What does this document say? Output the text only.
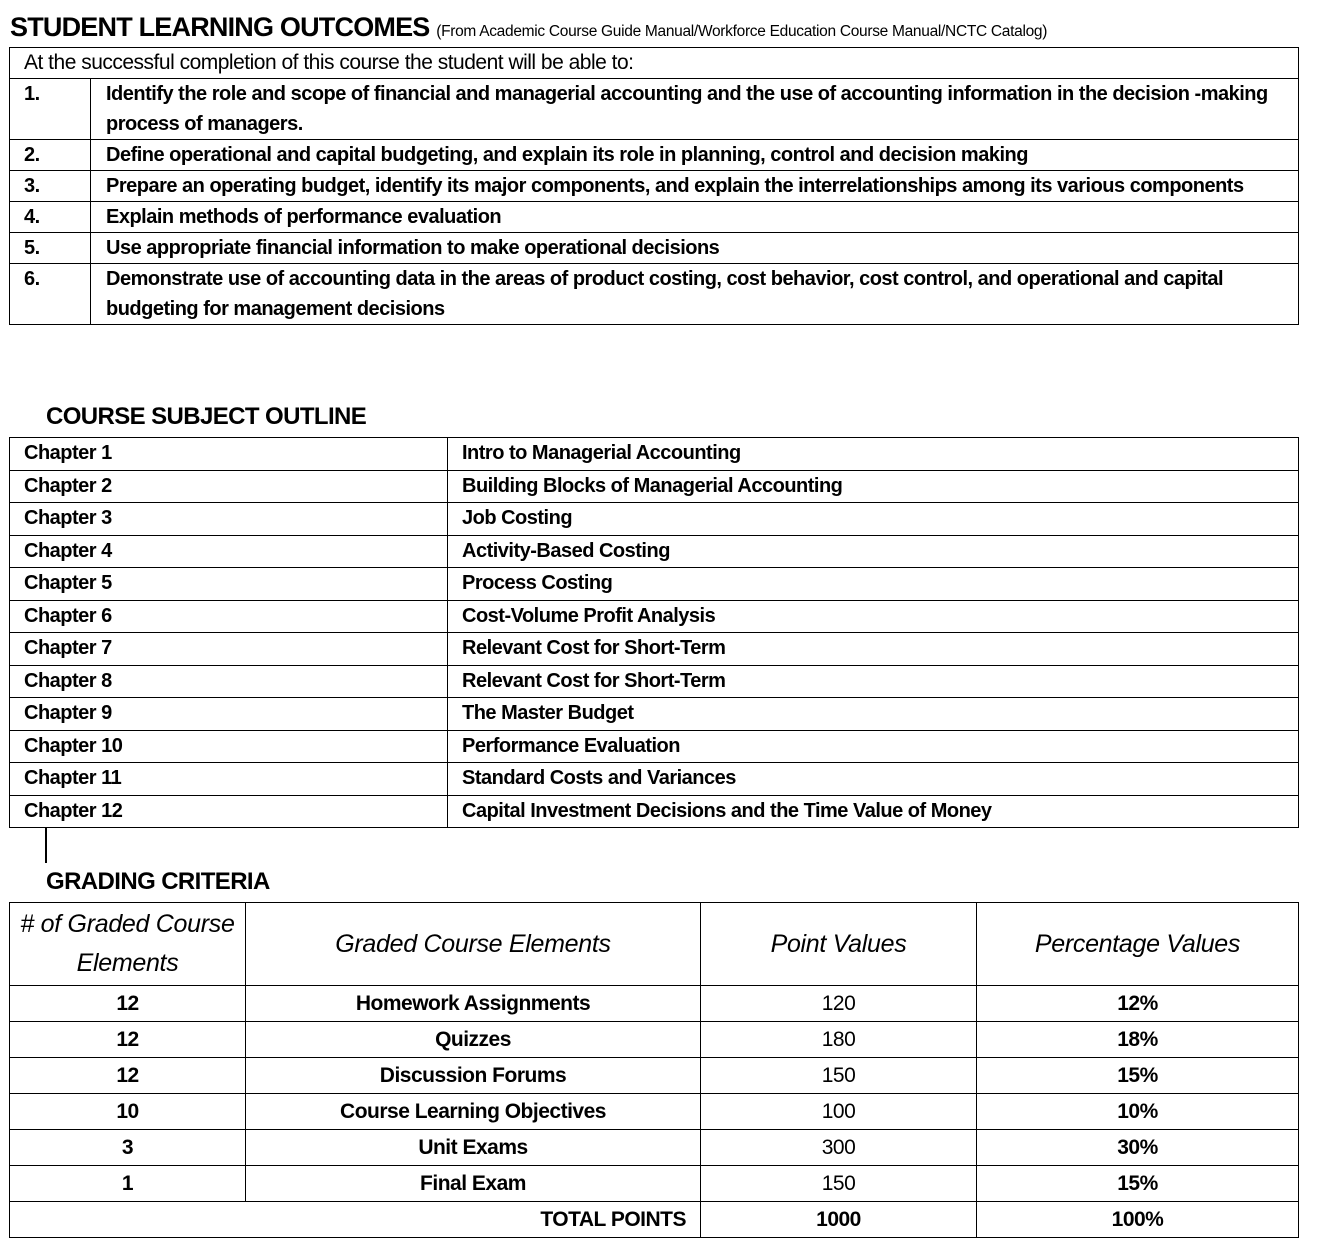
STUDENT LEARNING OUTCOMES (From Academic Course Guide Manual/Workforce Education Course Manual/NCTC Catalog)
At the successful completion of this course the student will be able to:	
1.	Identify the role and scope of financial and managerial accounting and the use of accounting information in the decision -making process of managers.
2.	Define operational and capital budgeting, and explain its role in planning, control and decision making
3.	Prepare an operating budget, identify its major components, and explain the interrelationships among its various components
4.	Explain methods of performance evaluation
5.	Use appropriate financial information to make operational decisions
6.	Demonstrate use of accounting data in the areas of product costing, cost behavior, cost control, and operational and capital budgeting for management decisions
COURSE SUBJECT OUTLINE
Chapter 1	Intro to Managerial Accounting
Chapter 2	Building Blocks of Managerial Accounting
Chapter 3	Job Costing
Chapter 4	Activity-Based Costing
Chapter 5	Process Costing
Chapter 6	Cost-Volume Profit Analysis
Chapter 7	Relevant Cost for Short-Term
Chapter 8	Relevant Cost for Short-Term
Chapter 9	The Master Budget
Chapter 10	Performance Evaluation
Chapter 11	Standard Costs and Variances
Chapter 12	Capital Investment Decisions and the Time Value of Money
GRADING CRITERIA
# of Graded Course Elements	Graded Course Elements	Point Values	Percentage Values
12	Homework Assignments	120	12%
12	Quizzes	180	18%
12	Discussion Forums	150	15%
10	Course Learning Objectives	100	10%
3	Unit Exams	300	30%
1	Final Exam	150	15%
TOTAL POINTS		1000	100%
